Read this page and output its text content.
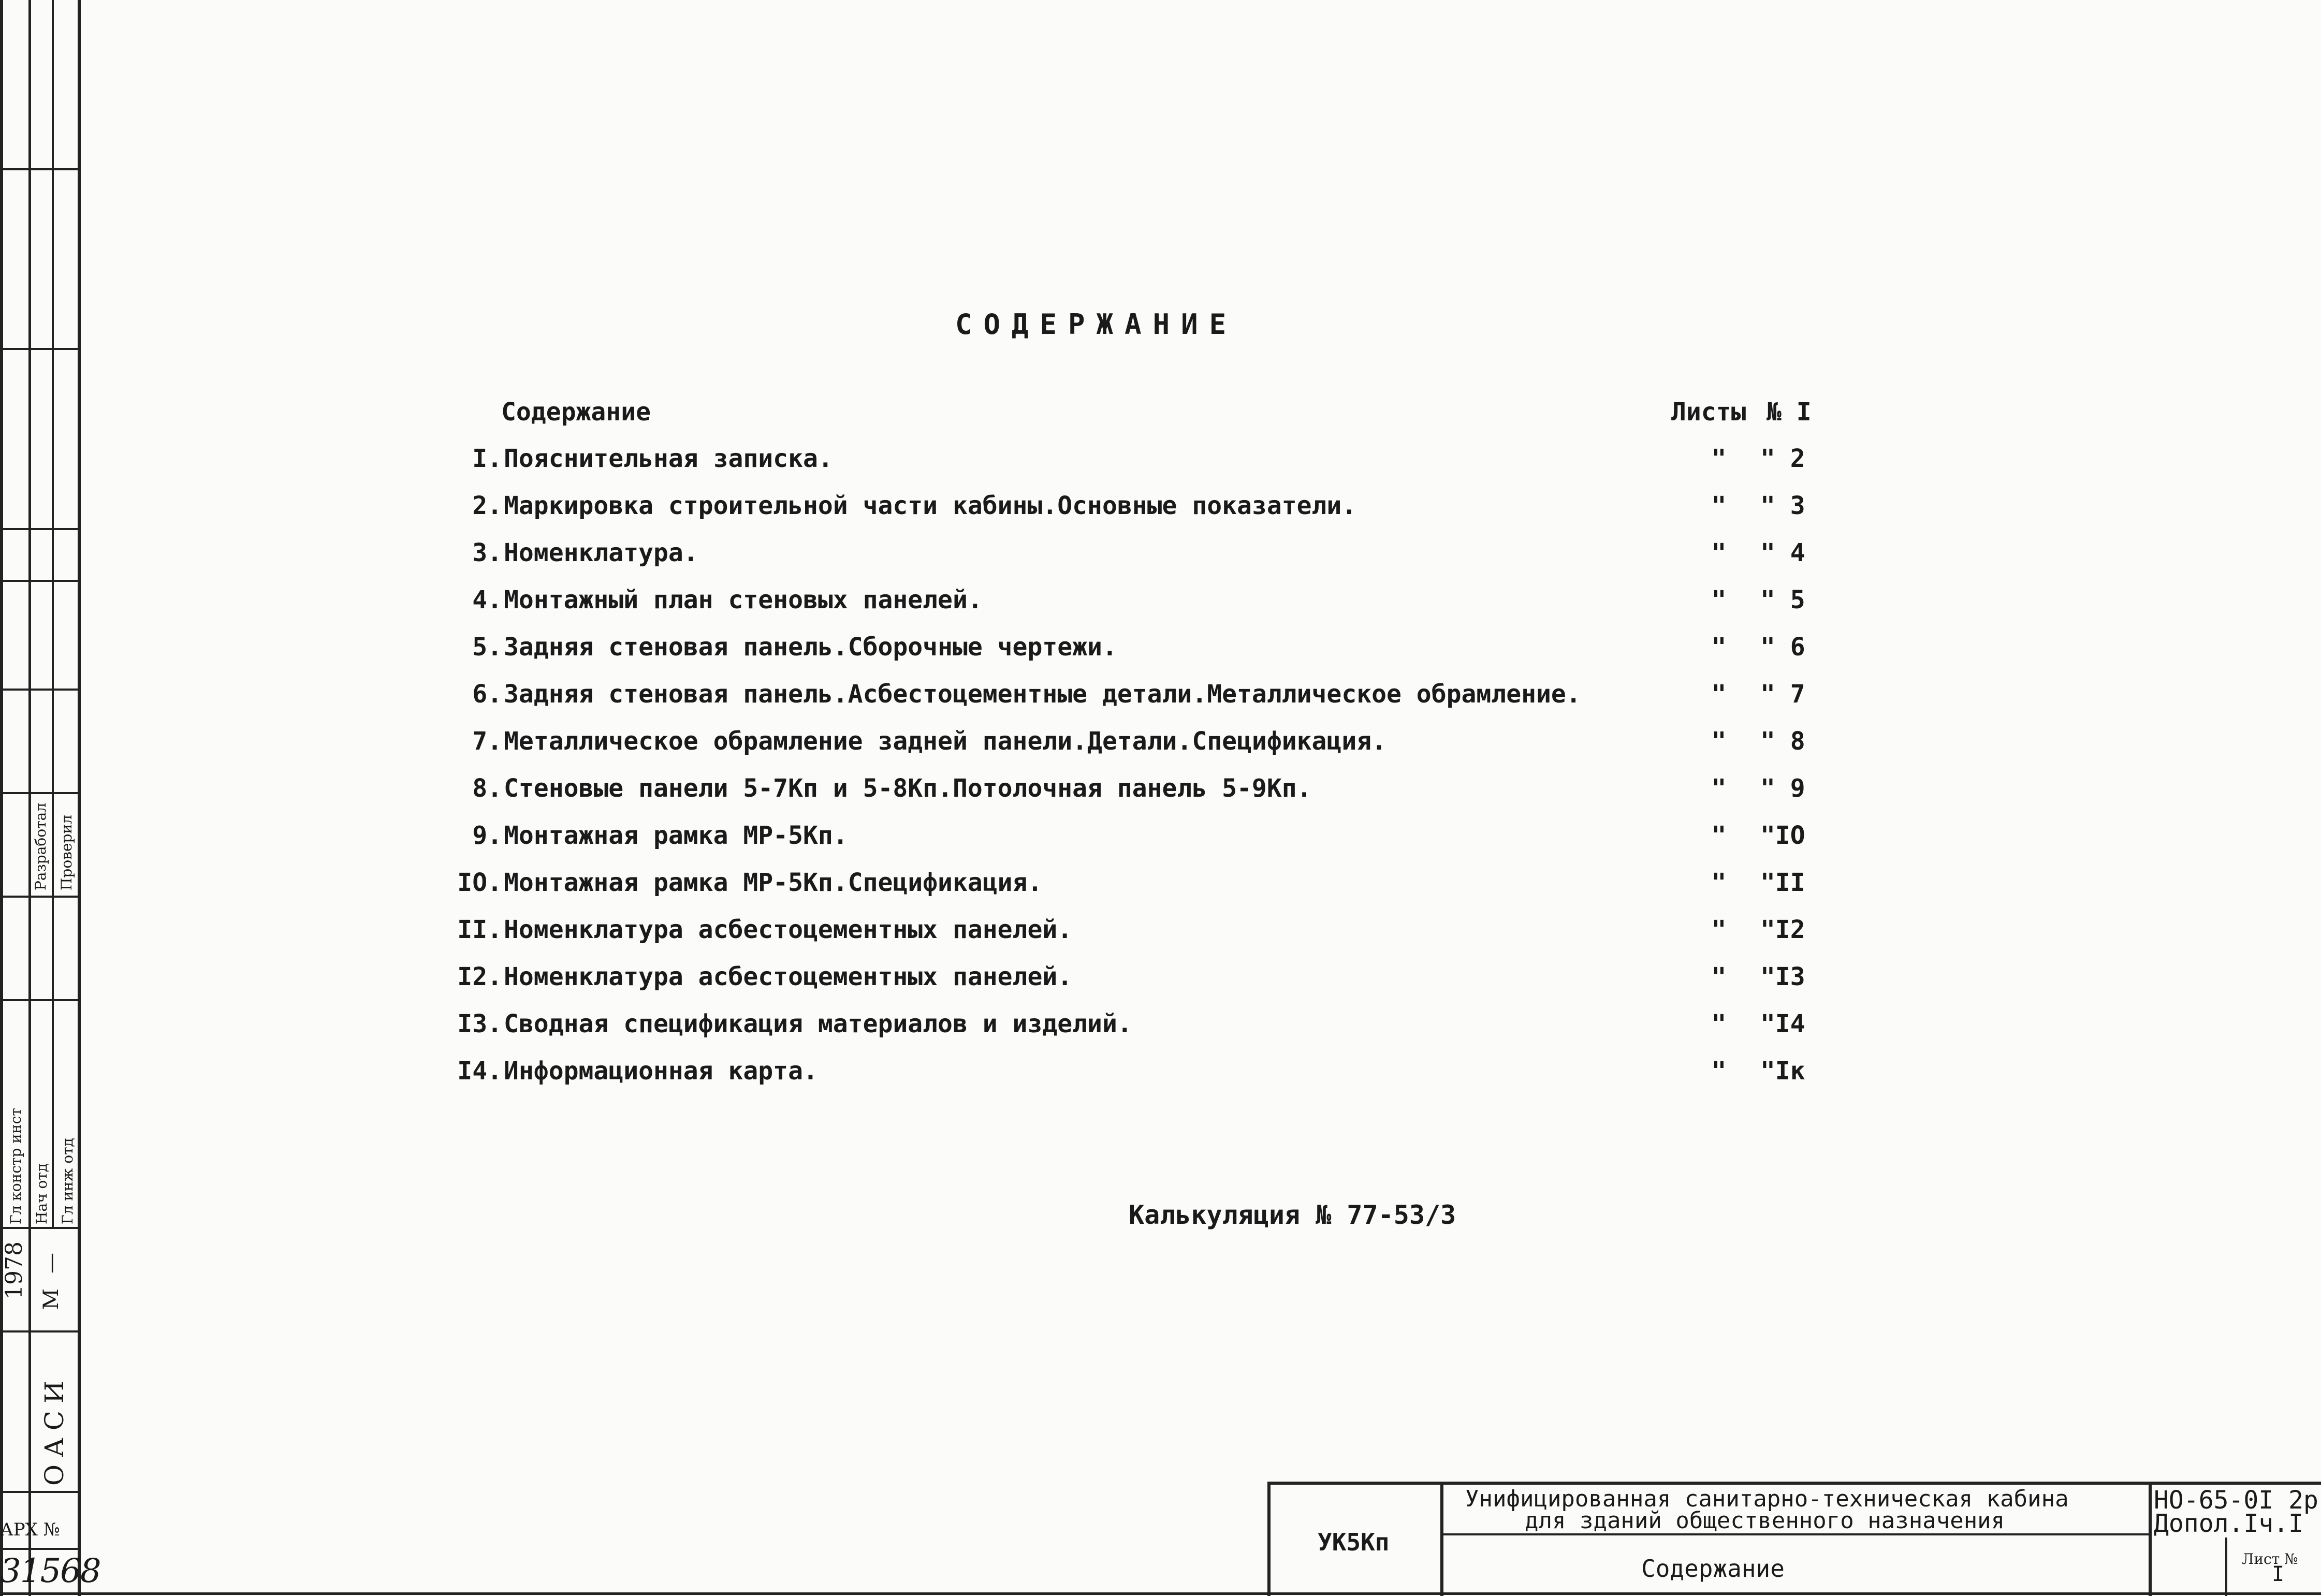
Разработал Проверил
Гл констр инст Нач отд Гл инж отд
1978 М
—
ОАСИ
АРХ №
31568
СОДЕРЖАНИЕ
Содержание	Листы № I
I. Пояснительная записка.	"	" 2
2. Маркировка строительной части кабины.Основные показатели.	"	" 3
3. Номенклатура.	"	" 4
4. Монтажный план стеновых панелей.	"	" 5
5. Задняя стеновая панель.Сборочные чертежи.	"	" 6
6. Задняя стеновая панель.Асбестоцементные детали.Металлическое обрамление.	"	" 7
7. Металлическое обрамление задней панели.Детали.Спецификация.	"	" 8
8. Стеновые панели 5-7Кп и 5-8Кп.Потолочная панель 5-9Кп.	"	" 9
9. Монтажная рамка МР-5Кп.	"	"IO
IO. Монтажная рамка МР-5Кп.Спецификация.	"	"II
II. Номенклатура асбестоцементных панелей.	"	"I2
I2. Номенклатура асбестоцементных панелей.	"	"I3
I3. Сводная спецификация материалов и изделий.	"	"I4
I4. Информационная карта.	"	"Iк
Калькуляция № 77-53/3
УК5Кп
Унифицированная санитарно-техническая кабина
для зданий общественного назначения
Содержание
НО-65-0I 2р
Допол.Iч.I
Лист №
I
